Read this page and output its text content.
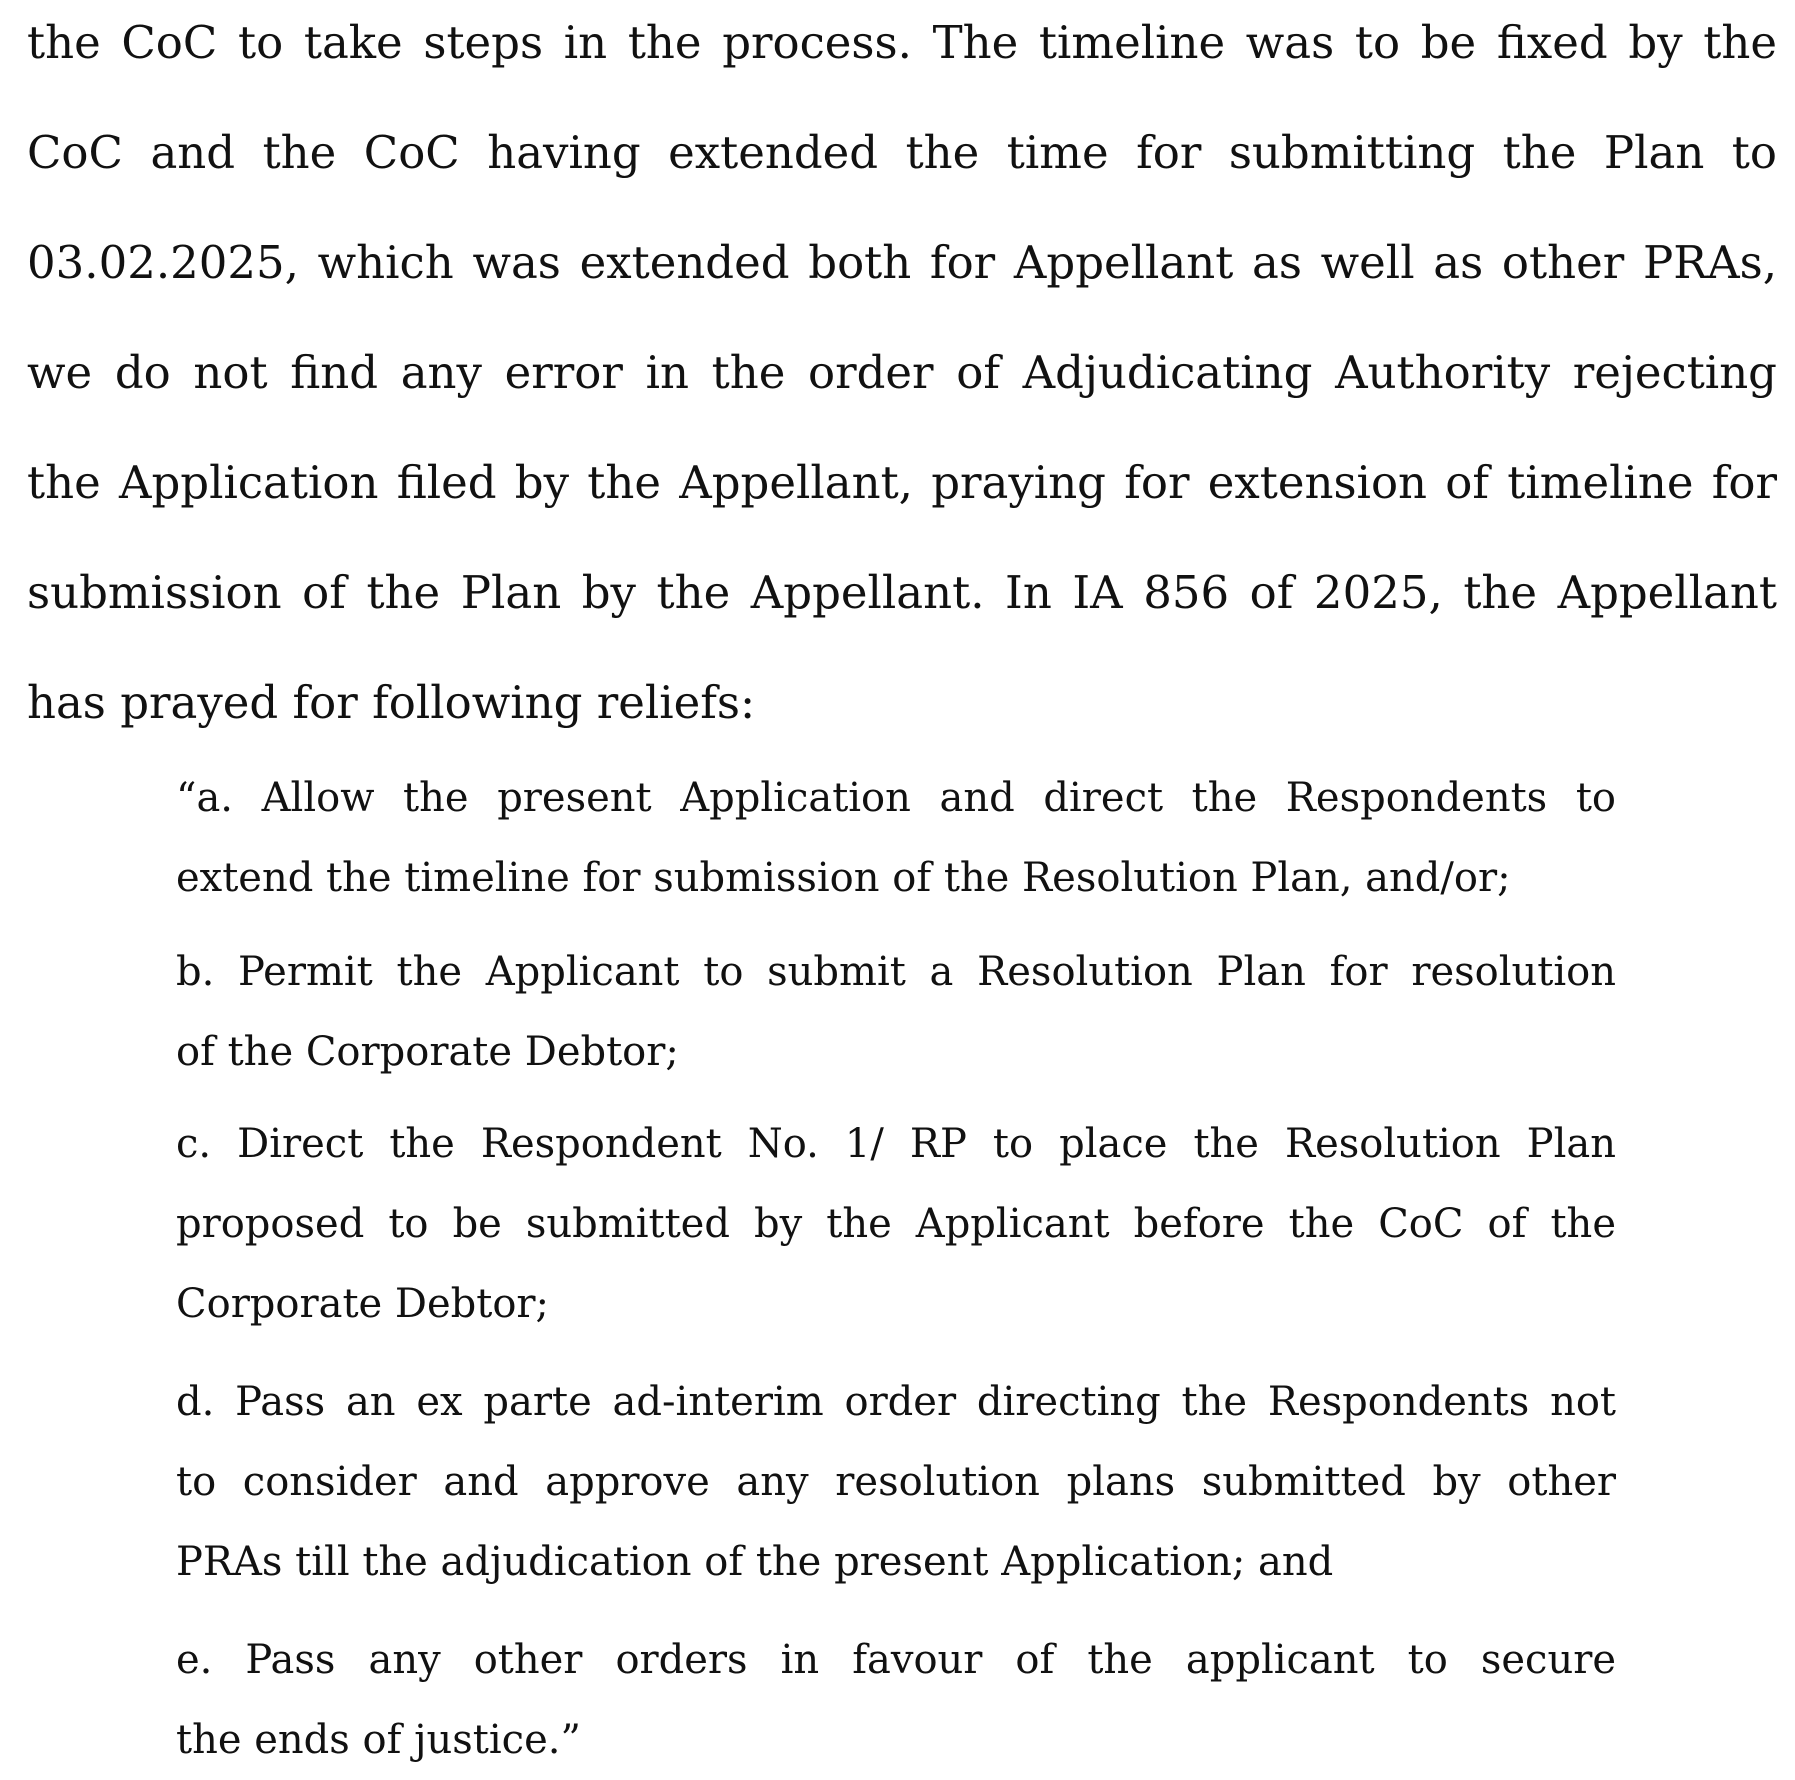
the CoC to take steps in the process. The timeline was to be fixed by the
CoC and the CoC having extended the time for submitting the Plan to
03.02.2025, which was extended both for Appellant as well as other PRAs,
we do not find any error in the order of Adjudicating Authority rejecting
the Application filed by the Appellant, praying for extension of timeline for
submission of the Plan by the Appellant. In IA 856 of 2025, the Appellant
has prayed for following reliefs:
“a. Allow the present Application and direct the Respondents to
extend the timeline for submission of the Resolution Plan, and/or;
b. Permit the Applicant to submit a Resolution Plan for resolution
of the Corporate Debtor;
c. Direct the Respondent No. 1/ RP to place the Resolution Plan
proposed to be submitted by the Applicant before the CoC of the
Corporate Debtor;
d. Pass an ex parte ad-interim order directing the Respondents not
to consider and approve any resolution plans submitted by other
PRAs till the adjudication of the present Application; and
e. Pass any other orders in favour of the applicant to secure
the ends of justice.”
